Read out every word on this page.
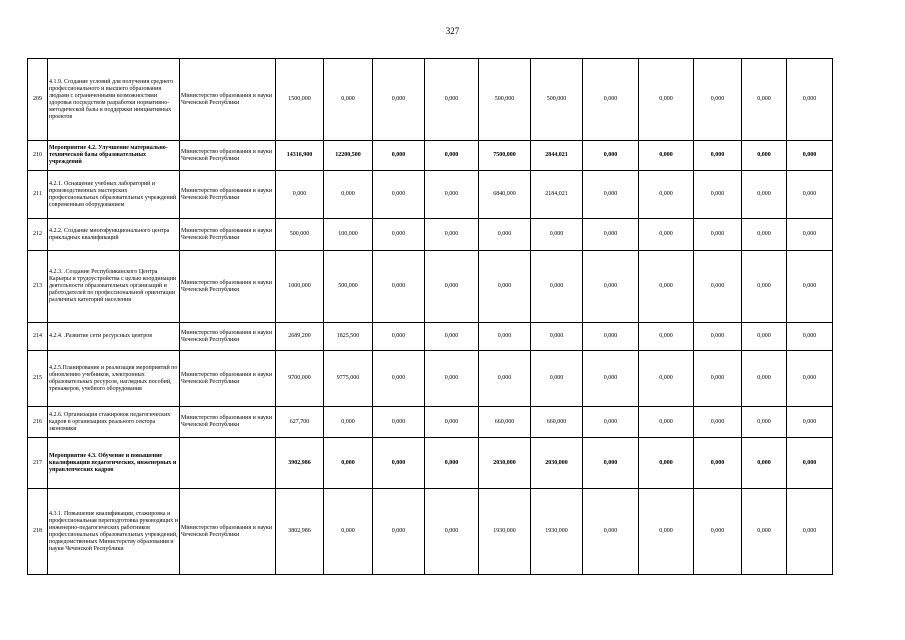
327
209	4.1.9. Создание условий для получения среднего профессионального и высшего образования людьми с ограниченными возможностями здоровья посредством разработки нормативно-методической базы и поддержки инициативных проектов	Министерство образования и науки Чеченской Республики	1500,000	0,000	0,000	0,000	500,000	500,000	0,000	0,000	0,000	0,000	0,000
210	Мероприятие 4.2. Улучшение материально-технической базы образовательных учреждений	Министерство образования и науки Чеченской Республики	14316,900	12200,500	0,000	0,000	7500,000	2844,021	0,000	0,000	0,000	0,000	0,000
211	4.2.1. Оснащение учебных лабораторий и производственных мастерских профессиональных образовательных учреждений современным оборудованием	Министерство образования и науки Чеченской Республики	0,000	0,000	0,000	0,000	6840,000	2184,021	0,000	0,000	0,000	0,000	0,000
212	4.2.2. Создание многофункционального центра прикладных квалификаций	Министерство образования и науки Чеченской Республики	500,000	100,000	0,000	0,000	0,000	0,000	0,000	0,000	0,000	0,000	0,000
213	4.2.3. .Создание Республиканского Центра Карьеры и трудоустройства с целью координации деятельности образовательных организаций и работодателей по профессиональной ориентации различных категорий населения	Министерство образования и науки Чеченской Республики	1000,000	500,000	0,000	0,000	0,000	0,000	0,000	0,000	0,000	0,000	0,000
214	4.2.4. .Развитие сети ресурсных центров	Министерство образования и науки Чеченской Республики	2689,200	1825,500	0,000	0,000	0,000	0,000	0,000	0,000	0,000	0,000	0,000
215	4.2.5.Планирование и реализация мероприятий по обновлению учебников, электронных образовательных ресурсов, наглядных пособий, тренажеров, учебного оборудования	Министерство образования и науки Чеченской Республики	9700,000	9775,000	0,000	0,000	0,000	0,000	0,000	0,000	0,000	0,000	0,000
216	4.2.6. Организация стажировок педагогических кадров в организациях реального сектора экономики	Министерство образования и науки Чеченской Республики	627,700	0,000	0,000	0,000	660,000	660,000	0,000	0,000	0,000	0,000	0,000
217	Мероприятие 4.3. Обучение и повышение квалификации педагогических, инженерных и управленческих кадров		3902,986	0,000	0,000	0,000	2030,000	2030,000	0,000	0,000	0,000	0,000	0,000
218	4.3.1. Повышение квалификации, стажировка и профессиональная переподготовка руководящих и инженерно-педагогических работников профессиональных образовательных учреждений, подведомственных Министерству образования и науки Чеченской Республики	Министерство образования и науки Чеченской Республики	3802,986	0,000	0,000	0,000	1930,000	1930,000	0,000	0,000	0,000	0,000	0,000
